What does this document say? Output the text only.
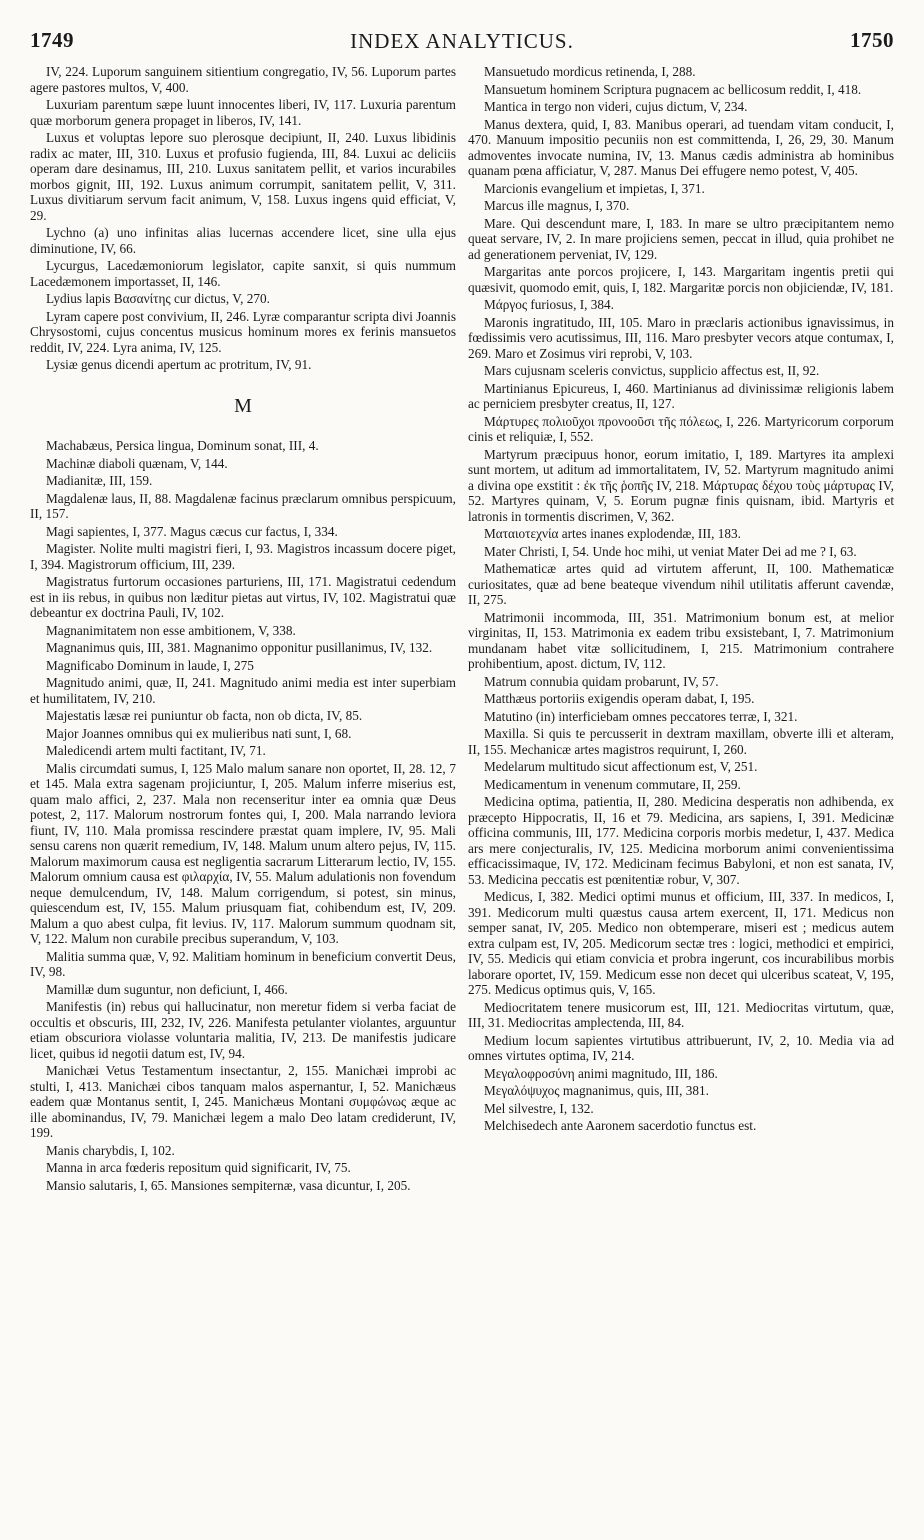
1749	INDEX ANALYTICUS.	1750

IV, 224. Luporum sanguinem sitientium congregatio, IV, 56. Luporum partes agere pastores multos, V, 400.

Luxuriam parentum sæpe luunt innocentes liberi, IV, 117. Luxuria parentum quæ morborum genera propaget in liberos, IV, 141.

Luxus et voluptas lepore suo plerosque decipiunt, II, 240. Luxus libidinis radix ac mater, III, 310. Luxus et profusio fugienda, III, 84. Luxui ac deliciis operam dare desinamus, III, 210. Luxus sanitatem pellit, et varios incurabiles morbos gignit, III, 192. Luxus animum corrumpit, sanitatem pellit, V, 311. Luxus divitiarum servum facit animum, V, 158. Luxus ingens quid efficiat, V, 29.

Lychno (a) uno infinitas alias lucernas accendere licet, sine ulla ejus diminutione, IV, 66.

Lycurgus, Lacedæmoniorum legislator, capite sanxit, si quis nummum Lacedæmonem importasset, II, 146.

Lydius lapis Βασανίτης cur dictus, V, 270.

Lyram capere post convivium, II, 246. Lyræ comparantur scripta divi Joannis Chrysostomi, cujus concentus musicus hominum mores ex ferinis mansuetos reddit, IV, 224. Lyra anima, IV, 125.

Lysiæ genus dicendi apertum ac protritum, IV, 91.

M

Machabæus, Persica lingua, Dominum sonat, III, 4.

Machinæ diaboli quænam, V, 144.

Madianitæ, III, 159.

Magdalenæ laus, II, 88. Magdalenæ facinus præclarum omnibus perspicuum, II, 157.

Magi sapientes, I, 377. Magus cæcus cur factus, I, 334.

Magister. Nolite multi magistri fieri, I, 93. Magistros incassum docere piget, I, 394. Magistrorum officium, III, 239.

Magistratus furtorum occasiones parturiens, III, 171. Magistratui cedendum est in iis rebus, in quibus non læditur pietas aut virtus, IV, 102. Magistratui quæ debeantur ex doctrina Pauli, IV, 102.

Magnanimitatem non esse ambitionem, V, 338.

Magnanimus quis, III, 381. Magnanimo opponitur pusillanimus, IV, 132.

Magnificabo Dominum in laude, I, 275

Magnitudo animi, quæ, II, 241. Magnitudo animi media est inter superbiam et humilitatem, IV, 210.

Majestatis læsæ rei puniuntur ob facta, non ob dicta, IV, 85.

Major Joannes omnibus qui ex mulieribus nati sunt, I, 68.

Maledicendi artem multi factitant, IV, 71.

Malis circumdati sumus, I, 125 Malo malum sanare non oportet, II, 28. 12, 7 et 145. Mala extra sagenam projiciuntur, I, 205. Malum inferre miserius est, quam malo affici, 2, 237. Mala non recenseritur inter ea omnia quæ Deus potest, 2, 117. Malorum nostrorum fontes qui, I, 200. Mala narrando leviora fiunt, IV, 110. Mala promissa rescindere præstat quam implere, IV, 95. Mali sensu carens non quærit remedium, IV, 148. Malum unum altero pejus, IV, 115. Malorum maximorum causa est negligentia sacrarum Litterarum lectio, IV, 155. Malorum omnium causa est φιλαρχία, IV, 55. Malum adulationis non fovendum neque demulcendum, IV, 148. Malum corrigendum, si potest, sin minus, quiescendum est, IV, 155. Malum priusquam fiat, cohibendum est, IV, 209. Malum a quo abest culpa, fit levius. IV, 117. Malorum summum quodnam sit, V, 122. Malum non curabile precibus superandum, V, 103.

Malitia summa quæ, V, 92. Malitiam hominum in beneficium convertit Deus, IV, 98.

Mamillæ dum suguntur, non deficiunt, I, 466.

Manifestis (in) rebus qui hallucinatur, non meretur fidem si verba faciat de occultis et obscuris, III, 232, IV, 226. Manifesta petulanter violantes, arguuntur etiam obscuriora violasse voluntaria malitia, IV, 213. De manifestis judicare licet, quibus id negotii datum est, IV, 94.

Manichæi Vetus Testamentum insectantur, 2, 155. Manichæi improbi ac stulti, I, 413. Manichæi cibos tanquam malos aspernantur, I, 52. Manichæus eadem quæ Montanus sentit, I, 245. Manichæus Montani συμφώνως æque ac ille abominandus, IV, 79. Manichæi legem a malo Deo latam crediderunt, IV, 199.

Manis charybdis, I, 102.

Manna in arca fœderis repositum quid significarit, IV, 75.

Mansio salutaris, I, 65. Mansiones sempiternæ, vasa dicuntur, I, 205.

Mansuetudo mordicus retinenda, I, 288.

Mansuetum hominem Scriptura pugnacem ac bellicosum reddit, I, 418.

Mantica in tergo non videri, cujus dictum, V, 234.

Manus dextera, quid, I, 83. Manibus operari, ad tuendam vitam conducit, I, 470. Manuum impositio pecuniis non est committenda, I, 26, 29, 30. Manum admoventes invocate numina, IV, 13. Manus cædis administra ab hominibus quanam pœna afficiatur, V, 287. Manus Dei effugere nemo potest, V, 405.

Marcionis evangelium et impietas, I, 371.

Marcus ille magnus, I, 370.

Mare. Qui descendunt mare, I, 183. In mare se ultro præcipitantem nemo queat servare, IV, 2. In mare projiciens semen, peccat in illud, quia prohibet ne ad generationem perveniat, IV, 129.

Margaritas ante porcos projicere, I, 143. Margaritam ingentis pretii qui quæsivit, quomodo emit, quis, I, 182. Margaritæ porcis non objiciendæ, IV, 181.

Μάργος furiosus, I, 384.

Maronis ingratitudo, III, 105. Maro in præclaris actionibus ignavissimus, in fœdissimis vero acutissimus, III, 116. Maro presbyter vecors atque contumax, I, 269. Maro et Zosimus viri reprobi, V, 103.

Mars cujusnam sceleris convictus, supplicio affectus est, II, 92.

Martinianus Epicureus, I, 460. Martinianus ad divinissimæ religionis labem ac perniciem presbyter creatus, II, 127.

Μάρτυρες πολιοῦχοι προνοοῦσι τῆς πόλεως, I, 226. Martyricorum corporum cinis et reliquiæ, I, 552.

Martyrum præcipuus honor, eorum imitatio, I, 189. Martyres ita amplexi sunt mortem, ut aditum ad immortalitatem, IV, 52. Martyrum magnitudo animi a divina ope exstitit : ἐκ τῆς ῥοπῆς IV, 218. Μάρτυρας δέχου τοὺς μάρτυρας IV, 52. Martyres quinam, V, 5. Eorum pugnæ finis quisnam, ibid. Martyris et latronis in tormentis discrimen, V, 362.

Ματαιοτεχνία artes inanes explodendæ, III, 183.

Mater Christi, I, 54. Unde hoc mihi, ut veniat Mater Dei ad me ? I, 63.

Mathematicæ artes quid ad virtutem afferunt, II, 100. Mathematicæ curiositates, quæ ad bene beateque vivendum nihil utilitatis afferunt cavendæ, II, 275.

Matrimonii incommoda, III, 351. Matrimonium bonum est, at melior virginitas, II, 153. Matrimonia ex eadem tribu exsistebant, I, 7. Matrimonium mundanam habet vitæ sollicitudinem, I, 215. Matrimonium contrahere prohibentium, apost. dictum, IV, 112.

Matrum connubia quidam probarunt, IV, 57.

Matthæus portoriis exigendis operam dabat, I, 195.

Matutino (in) interficiebam omnes peccatores terræ, I, 321.

Maxilla. Si quis te percusserit in dextram maxillam, obverte illi et alteram, II, 155. Mechanicæ artes magistros requirunt, I, 260.

Medelarum multitudo sicut affectionum est, V, 251.

Medicamentum in venenum commutare, II, 259.

Medicina optima, patientia, II, 280. Medicina desperatis non adhibenda, ex præcepto Hippocratis, II, 16 et 79. Medicina, ars sapiens, I, 391. Medicinæ officina communis, III, 177. Medicina corporis morbis medetur, I, 437. Medica ars mere conjecturalis, IV, 125. Medicina morborum animi convenientissima efficacissimaque, IV, 172. Medicinam fecimus Babyloni, et non est sanata, IV, 53. Medicina peccatis est pœnitentiæ robur, V, 307.

Medicus, I, 382. Medici optimi munus et officium, III, 337. In medicos, I, 391. Medicorum multi quæstus causa artem exercent, II, 171. Medicus non semper sanat, IV, 205. Medico non obtemperare, miseri est ; medicus autem extra culpam est, IV, 205. Medicorum sectæ tres : logici, methodici et empirici, IV, 55. Medicis qui etiam convicia et probra ingerunt, cos incurabilibus morbis laborare oportet, IV, 159. Medicum esse non decet qui ulceribus scateat, V, 195, 275. Medicus optimus quis, V, 165.

Mediocritatem tenere musicorum est, III, 121. Mediocritas virtutum, quæ, III, 31. Mediocritas amplectenda, III, 84.

Medium locum sapientes virtutibus attribuerunt, IV, 2, 10. Media via ad omnes virtutes optima, IV, 214.

Μεγαλοφροσύνη animi magnitudo, III, 186.

Μεγαλόψυχος magnanimus, quis, III, 381.

Mel silvestre, I, 132.

Melchisedech ante Aaronem sacerdotio functus est.
